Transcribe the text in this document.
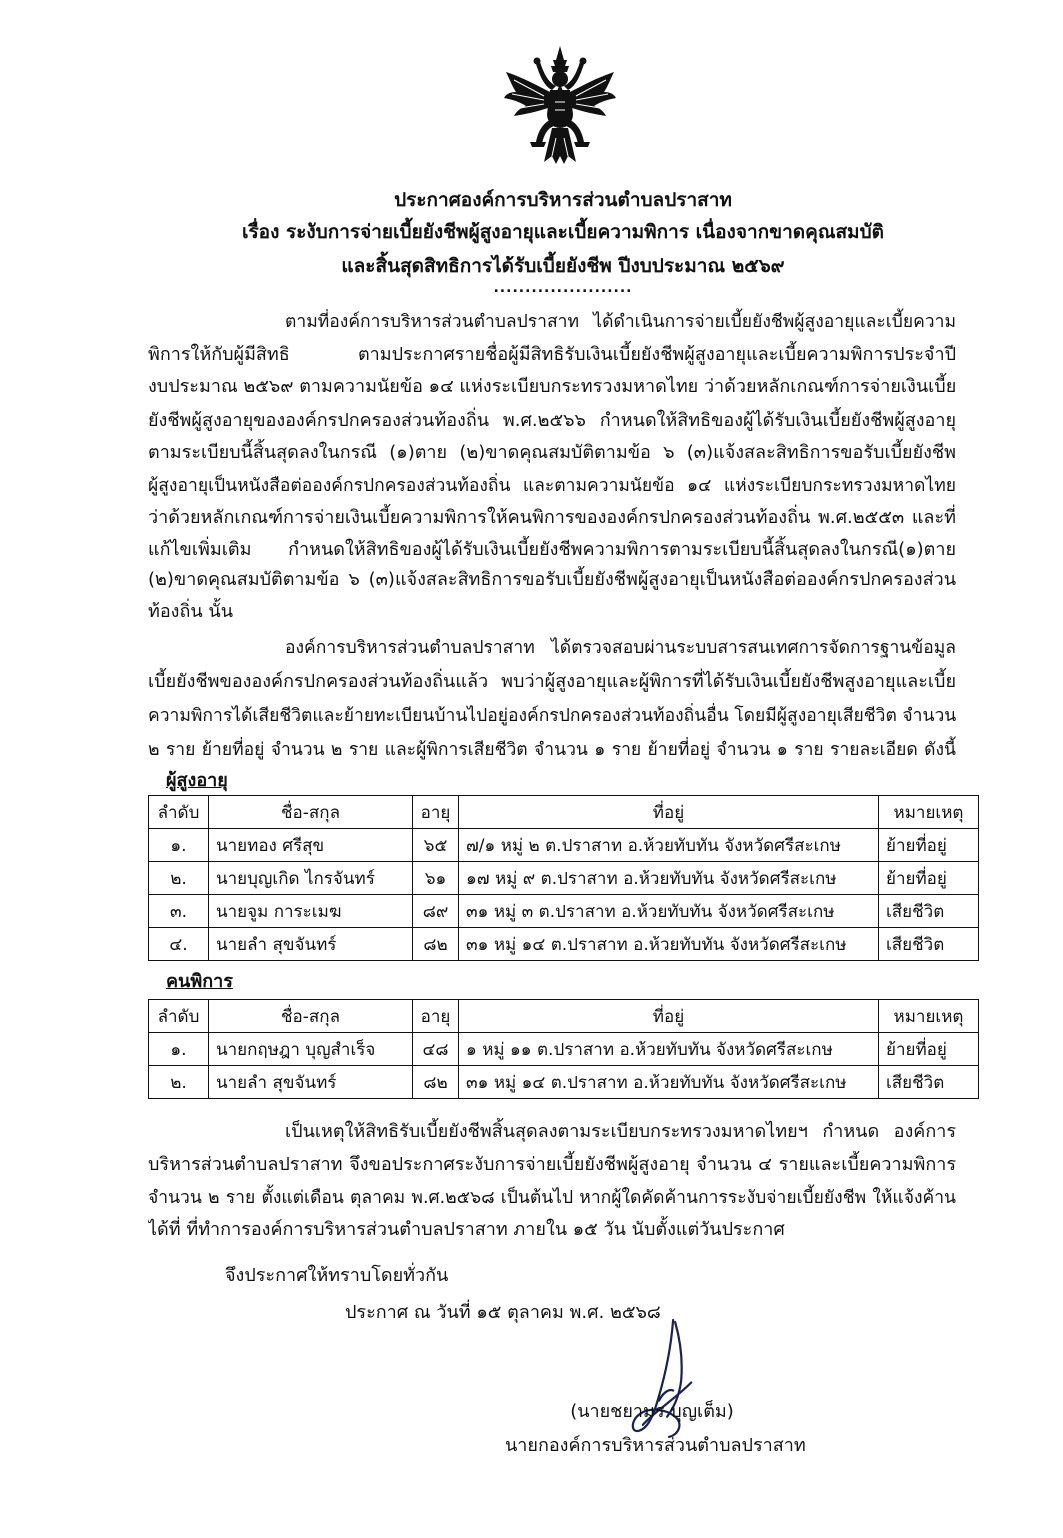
ประกาศองค์การบริหารส่วนตำบลปราสาท
เรื่อง ระงับการจ่ายเบี้ยยังชีพผู้สูงอายุและเบี้ยความพิการ เนื่องจากขาดคุณสมบัติ
และสิ้นสุดสิทธิการได้รับเบี้ยยังชีพ ปีงบประมาณ ๒๕๖๙
......................
ตามที่องค์การบริหารส่วนตำบลปราสาท ได้ดำเนินการจ่ายเบี้ยยังชีพผู้สูงอายุและเบี้ยความ
พิการให้กับผู้มีสิทธิ ตามประกาศรายชื่อผู้มีสิทธิรับเงินเบี้ยยังชีพผู้สูงอายุและเบี้ยความพิการประจำปี
งบประมาณ ๒๕๖๙ ตามความนัยข้อ ๑๔ แห่งระเบียบกระทรวงมหาดไทย ว่าด้วยหลักเกณฑ์การจ่ายเงินเบี้ย
ยังชีพผู้สูงอายุขององค์กรปกครองส่วนท้องถิ่น พ.ศ.๒๕๖๖ กำหนดให้สิทธิของผู้ได้รับเงินเบี้ยยังชีพผู้สูงอายุ
ตามระเบียบนี้สิ้นสุดลงในกรณี (๑)ตาย (๒)ขาดคุณสมบัติตามข้อ ๖ (๓)แจ้งสละสิทธิการขอรับเบี้ยยังชีพ
ผู้สูงอายุเป็นหนังสือต่อองค์กรปกครองส่วนท้องถิ่น และตามความนัยข้อ ๑๔ แห่งระเบียบกระทรวงมหาดไทย
ว่าด้วยหลักเกณฑ์การจ่ายเงินเบี้ยความพิการให้คนพิการขององค์กรปกครองส่วนท้องถิ่น พ.ศ.๒๕๕๓ และที่
แก้ไขเพิ่มเติม กำหนดให้สิทธิของผู้ได้รับเงินเบี้ยยังชีพความพิการตามระเบียบนี้สิ้นสุดลงในกรณี(๑)ตาย
(๒)ขาดคุณสมบัติตามข้อ ๖ (๓)แจ้งสละสิทธิการขอรับเบี้ยยังชีพผู้สูงอายุเป็นหนังสือต่อองค์กรปกครองส่วน
ท้องถิ่น นั้น
องค์การบริหารส่วนตำบลปราสาท ได้ตรวจสอบผ่านระบบสารสนเทศการจัดการฐานข้อมูล
เบี้ยยังชีพขององค์กรปกครองส่วนท้องถิ่นแล้ว พบว่าผู้สูงอายุและผู้พิการที่ได้รับเงินเบี้ยยังชีพสูงอายุและเบี้ย
ความพิการได้เสียชีวิตและย้ายทะเบียนบ้านไปอยู่องค์กรปกครองส่วนท้องถิ่นอื่น โดยมีผู้สูงอายุเสียชีวิต จำนวน
๒ ราย ย้ายที่อยู่ จำนวน ๒ ราย และผู้พิการเสียชีวิต จำนวน ๑ ราย ย้ายที่อยู่ จำนวน ๑ ราย รายละเอียด ดังนี้
ผู้สูงอายุ
ลำดับ	ชื่อ-สกุล	อายุ	ที่อยู่	หมายเหตุ
๑.	นายทอง ศรีสุข	๖๕	๗/๑ หมู่ ๒ ต.ปราสาท อ.ห้วยทับทัน จังหวัดศรีสะเกษ	ย้ายที่อยู่
๒.	นายบุญเกิด ไกรจันทร์	๖๑	๑๗ หมู่ ๙ ต.ปราสาท อ.ห้วยทับทัน จังหวัดศรีสะเกษ	ย้ายที่อยู่
๓.	นายจูม การะเมฆ	๘๙	๓๑ หมู่ ๓ ต.ปราสาท อ.ห้วยทับทัน จังหวัดศรีสะเกษ	เสียชีวิต
๔.	นายลำ สุขจันทร์	๘๒	๓๑ หมู่ ๑๔ ต.ปราสาท อ.ห้วยทับทัน จังหวัดศรีสะเกษ	เสียชีวิต
คนพิการ
ลำดับ	ชื่อ-สกุล	อายุ	ที่อยู่	หมายเหตุ
๑.	นายกฤษฎา บุญสำเร็จ	๔๘	๑ หมู่ ๑๑ ต.ปราสาท อ.ห้วยทับทัน จังหวัดศรีสะเกษ	ย้ายที่อยู่
๒.	นายลำ สุขจันทร์	๘๒	๓๑ หมู่ ๑๔ ต.ปราสาท อ.ห้วยทับทัน จังหวัดศรีสะเกษ	เสียชีวิต
เป็นเหตุให้สิทธิรับเบี้ยยังชีพสิ้นสุดลงตามระเบียบกระทรวงมหาดไทยฯ กำหนด องค์การ
บริหารส่วนตำบลปราสาท จึงขอประกาศระงับการจ่ายเบี้ยยังชีพผู้สูงอายุ จำนวน ๔ รายและเบี้ยความพิการ
จำนวน ๒ ราย ตั้งแต่เดือน ตุลาคม พ.ศ.๒๕๖๘ เป็นต้นไป หากผู้ใดคัดค้านการระงับจ่ายเบี้ยยังชีพ ให้แจ้งค้าน
ได้ที่ ที่ทำการองค์การบริหารส่วนตำบลปราสาท ภายใน ๑๕ วัน นับตั้งแต่วันประกาศ
จึงประกาศให้ทราบโดยทั่วกัน
ประกาศ ณ วันที่ ๑๕ ตุลาคม พ.ศ. ๒๕๖๘
(นายชยามร บุญเต็ม)
นายกองค์การบริหารส่วนตำบลปราสาท
